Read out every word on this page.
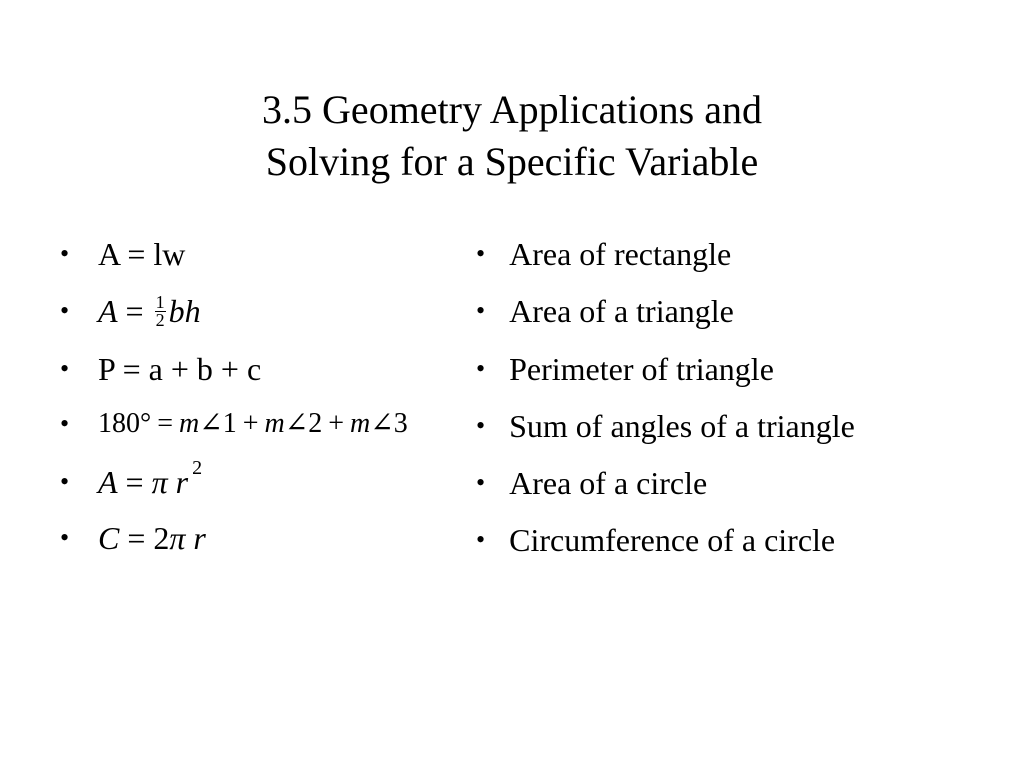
3.5 Geometry Applications and
Solving for a Specific Variable
• A = lw
• $A = \frac{1}{2}$ bh
• P = a + b + c
• 180° = m ∠ 1 + m ∠ 2 + m ∠ 3
• A = π r 2
• C = 2 π r
• Area of rectangle
• Area of a triangle
• Perimeter of triangle
• Sum of angles of a triangle
• Area of a circle
• Circumference of a circle
